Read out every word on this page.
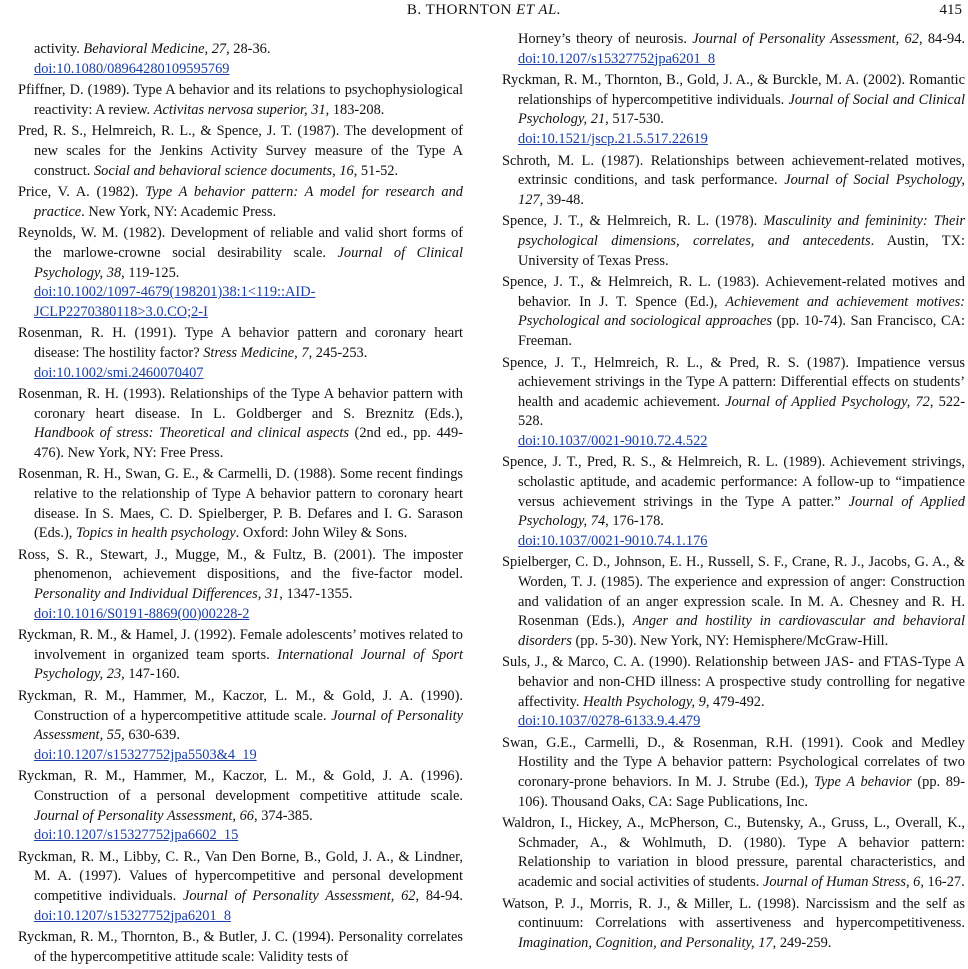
B. THORNTON ET AL.	415

activity. Behavioral Medicine, 27, 28-36.
doi:10.1080/08964280109595769

Pfiffner, D. (1989). Type A behavior and its relations to psychophysiological reactivity: A review. Activitas nervosa superior, 31, 183-208.

Pred, R. S., Helmreich, R. L., & Spence, J. T. (1987). The development of new scales for the Jenkins Activity Survey measure of the Type A construct. Social and behavioral science documents, 16, 51-52.

Price, V. A. (1982). Type A behavior pattern: A model for research and practice. New York, NY: Academic Press.

Reynolds, W. M. (1982). Development of reliable and valid short forms of the marlowe-crowne social desirability scale. Journal of Clinical Psychology, 38, 119-125.
doi:10.1002/1097-4679(198201)38:1<119::AID-JCLP2270380118>3.0.CO;2-I

Rosenman, R. H. (1991). Type A behavior pattern and coronary heart disease: The hostility factor? Stress Medicine, 7, 245-253.
doi:10.1002/smi.2460070407

Rosenman, R. H. (1993). Relationships of the Type A behavior pattern with coronary heart disease. In L. Goldberger and S. Breznitz (Eds.), Handbook of stress: Theoretical and clinical aspects (2nd ed., pp. 449-476). New York, NY: Free Press.

Rosenman, R. H., Swan, G. E., & Carmelli, D. (1988). Some recent findings relative to the relationship of Type A behavior pattern to coronary heart disease. In S. Maes, C. D. Spielberger, P. B. Defares and I. G. Sarason (Eds.), Topics in health psychology. Oxford: John Wiley & Sons.

Ross, S. R., Stewart, J., Mugge, M., & Fultz, B. (2001). The imposter phenomenon, achievement dispositions, and the five-factor model. Personality and Individual Differences, 31, 1347-1355.
doi:10.1016/S0191-8869(00)00228-2

Ryckman, R. M., & Hamel, J. (1992). Female adolescents’ motives related to involvement in organized team sports. International Journal of Sport Psychology, 23, 147-160.

Ryckman, R. M., Hammer, M., Kaczor, L. M., & Gold, J. A. (1990). Construction of a hypercompetitive attitude scale. Journal of Personality Assessment, 55, 630-639.
doi:10.1207/s15327752jpa5503&4_19

Ryckman, R. M., Hammer, M., Kaczor, L. M., & Gold, J. A. (1996). Construction of a personal development competitive attitude scale. Journal of Personality Assessment, 66, 374-385.
doi:10.1207/s15327752jpa6602_15

Ryckman, R. M., Libby, C. R., Van Den Borne, B., Gold, J. A., & Lindner, M. A. (1997). Values of hypercompetitive and personal development competitive individuals. Journal of Personality Assessment, 62, 84-94. doi:10.1207/s15327752jpa6201_8

Ryckman, R. M., Thornton, B., & Butler, J. C. (1994). Personality correlates of the hypercompetitive attitude scale: Validity tests of

Horney’s theory of neurosis. Journal of Personality Assessment, 62, 84-94. doi:10.1207/s15327752jpa6201_8

Ryckman, R. M., Thornton, B., Gold, J. A., & Burckle, M. A. (2002). Romantic relationships of hypercompetitive individuals. Journal of Social and Clinical Psychology, 21, 517-530.
doi:10.1521/jscp.21.5.517.22619

Schroth, M. L. (1987). Relationships between achievement-related motives, extrinsic conditions, and task performance. Journal of Social Psychology, 127, 39-48.

Spence, J. T., & Helmreich, R. L. (1978). Masculinity and femininity: Their psychological dimensions, correlates, and antecedents. Austin, TX: University of Texas Press.

Spence, J. T., & Helmreich, R. L. (1983). Achievement-related motives and behavior. In J. T. Spence (Ed.), Achievement and achievement motives: Psychological and sociological approaches (pp. 10-74). San Francisco, CA: Freeman.

Spence, J. T., Helmreich, R. L., & Pred, R. S. (1987). Impatience versus achievement strivings in the Type A pattern: Differential effects on students’ health and academic achievement. Journal of Applied Psychology, 72, 522-528.
doi:10.1037/0021-9010.72.4.522

Spence, J. T., Pred, R. S., & Helmreich, R. L. (1989). Achievement strivings, scholastic aptitude, and academic performance: A follow-up to “impatience versus achievement strivings in the Type A patter.” Journal of Applied Psychology, 74, 176-178.
doi:10.1037/0021-9010.74.1.176

Spielberger, C. D., Johnson, E. H., Russell, S. F., Crane, R. J., Jacobs, G. A., & Worden, T. J. (1985). The experience and expression of anger: Construction and validation of an anger expression scale. In M. A. Chesney and R. H. Rosenman (Eds.), Anger and hostility in cardiovascular and behavioral disorders (pp. 5-30). New York, NY: Hemisphere/McGraw-Hill.

Suls, J., & Marco, C. A. (1990). Relationship between JAS- and FTAS-Type A behavior and non-CHD illness: A prospective study controlling for negative affectivity. Health Psychology, 9, 479-492.
doi:10.1037/0278-6133.9.4.479

Swan, G.E., Carmelli, D., & Rosenman, R.H. (1991). Cook and Medley Hostility and the Type A behavior pattern: Psychological correlates of two coronary-prone behaviors. In M. J. Strube (Ed.), Type A behavior (pp. 89-106). Thousand Oaks, CA: Sage Publications, Inc.

Waldron, I., Hickey, A., McPherson, C., Butensky, A., Gruss, L., Overall, K., Schmader, A., & Wohlmuth, D. (1980). Type A behavior pattern: Relationship to variation in blood pressure, parental characteristics, and academic and social activities of students. Journal of Human Stress, 6, 16-27.

Watson, P. J., Morris, R. J., & Miller, L. (1998). Narcissism and the self as continuum: Correlations with assertiveness and hypercompetitiveness. Imagination, Cognition, and Personality, 17, 249-259.
